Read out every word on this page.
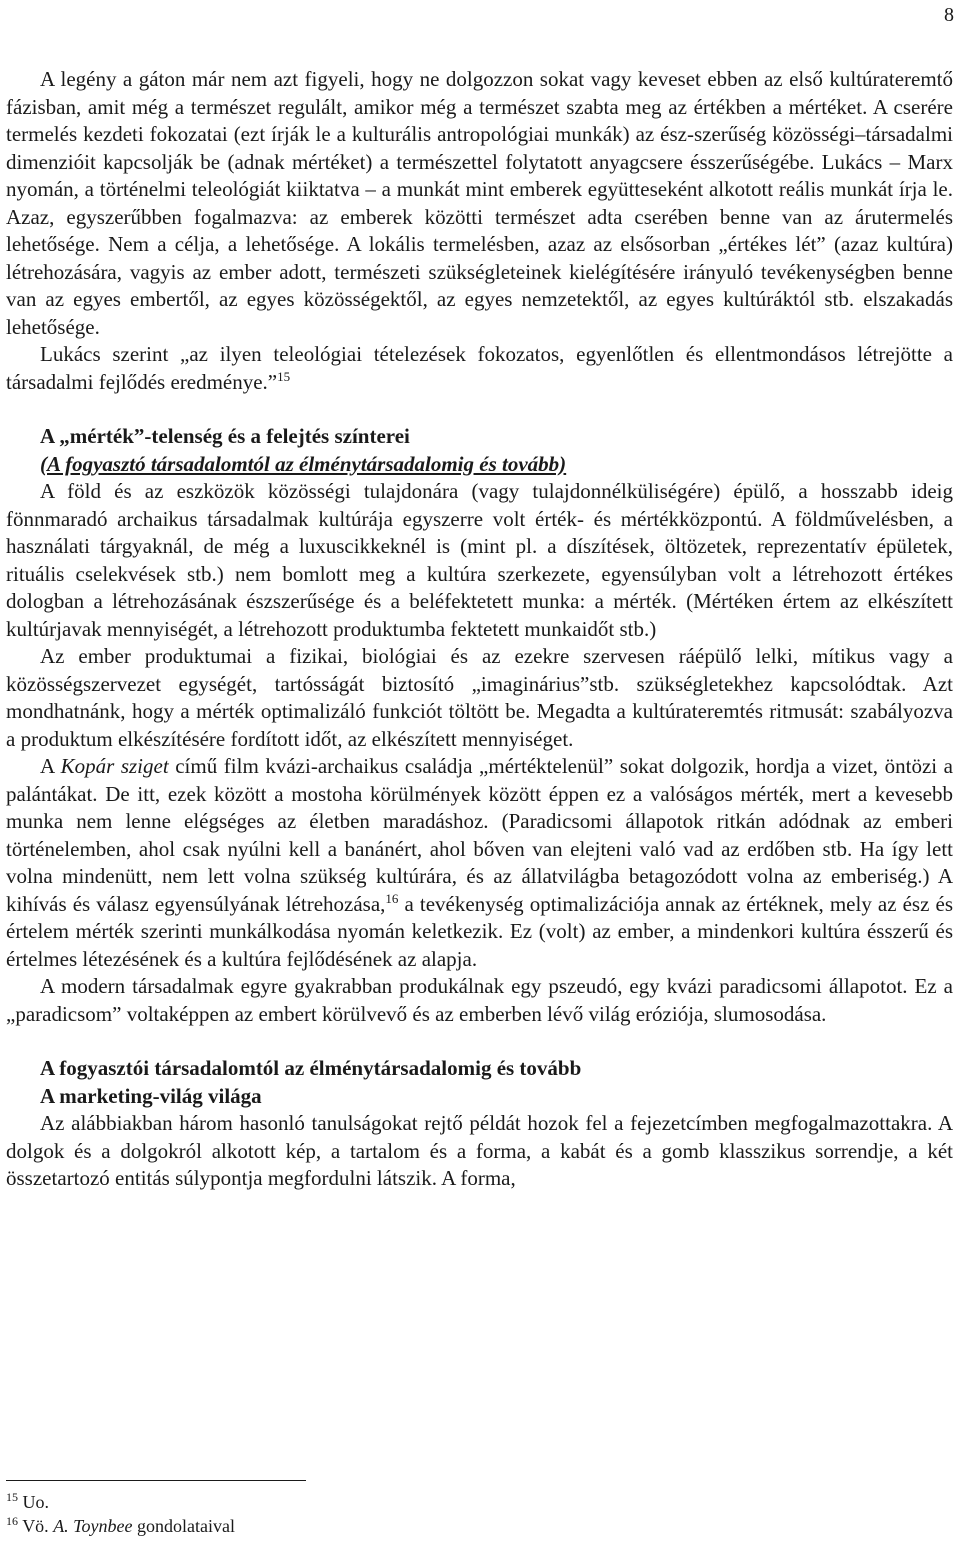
8

A legény a gáton már nem azt figyeli, hogy ne dolgozzon sokat vagy keveset ebben az első kultúrateremtő fázisban, amit még a természet regulált, amikor még a természet szabta meg az értékben a mértéket. A cserére termelés kezdeti fokozatai (ezt írják le a kulturális antropológiai munkák) az ész-szerűség közösségi–társadalmi dimenzióit kapcsolják be (adnak mértéket) a természettel folytatott anyagcsere ésszerűségébe. Lukács – Marx nyomán, a történelmi teleológiát kiiktatva – a munkát mint emberek együtteseként alkotott reális munkát írja le. Azaz, egyszerűbben fogalmazva: az emberek közötti természet adta cserében benne van az árutermelés lehetősége. Nem a célja, a lehetősége. A lokális termelésben, azaz az elsősorban „értékes lét” (azaz kultúra) létrehozására, vagyis az ember adott, természeti szükségleteinek kielégítésére irányuló tevékenységben benne van az egyes embertől, az egyes közösségektől, az egyes nemzetektől, az egyes kultúráktól stb. elszakadás lehetősége.

Lukács szerint „az ilyen teleológiai tételezések fokozatos, egyenlőtlen és ellentmondásos létrejötte a társadalmi fejlődés eredménye.”$^{15}$

A „mérték”-telenség és a felejtés színterei
(A fogyasztó társadalomtól az élménytársadalomig és tovább)

A föld és az eszközök közösségi tulajdonára (vagy tulajdonnélküliségére) épülő, a hosszabb ideig fönnmaradó archaikus társadalmak kultúrája egyszerre volt érték- és mértékközpontú. A földművelésben, a használati tárgyaknál, de még a luxuscikkeknél is (mint pl. a díszítések, öltözetek, reprezentatív épületek, rituális cselekvések stb.) nem bomlott meg a kultúra szerkezete, egyensúlyban volt a létrehozott értékes dologban a létrehozásának észszerűsége és a beléfektetett munka: a mérték. (Mértéken értem az elkészített kultúrjavak mennyiségét, a létrehozott produktumba fektetett munkaidőt stb.)

Az ember produktumai a fizikai, biológiai és az ezekre szervesen ráépülő lelki, mítikus vagy a közösségszervezet egységét, tartósságát biztosító „imaginárius”stb. szükségletekhez kapcsolódtak. Azt mondhatnánk, hogy a mérték optimalizáló funkciót töltött be. Megadta a kultúrateremtés ritmusát: szabályozva a produktum elkészítésére fordított időt, az elkészített mennyiséget.

A Kopár sziget című film kvázi-archaikus családja „mértéktelenül” sokat dolgozik, hordja a vizet, öntözi a palántákat. De itt, ezek között a mostoha körülmények között éppen ez a valóságos mérték, mert a kevesebb munka nem lenne elégséges az életben maradáshoz. (Paradicsomi állapotok ritkán adódnak az emberi történelemben, ahol csak nyúlni kell a banánért, ahol bőven van elejteni való vad az erdőben stb. Ha így lett volna mindenütt, nem lett volna szükség kultúrára, és az állatvilágba betagozódott volna az emberiség.) A kihívás és válasz egyensúlyának létrehozása,$^{16}$ a tevékenység optimalizációja annak az értéknek, mely az ész és értelem mérték szerinti munkálkodása nyomán keletkezik. Ez (volt) az ember, a mindenkori kultúra ésszerű és értelmes létezésének és a kultúra fejlődésének az alapja.

A modern társadalmak egyre gyakrabban produkálnak egy pszeudó, egy kvázi paradicsomi állapotot. Ez a „paradicsom” voltaképpen az embert körülvevő és az emberben lévő világ eróziója, slumosodása.

A fogyasztói társadalomtól az élménytársadalomig és tovább
A marketing-világ világa

Az alábbiakban három hasonló tanulságokat rejtő példát hozok fel a fejezetcímben megfogalmazottakra. A dolgok és a dolgokról alkotott kép, a tartalom és a forma, a kabát és a gomb klasszikus sorrendje, a két összetartozó entitás súlypontja megfordulni látszik. A forma,

$^{15}$ Uo.
$^{16}$ Vö. A. Toynbee gondolataival
